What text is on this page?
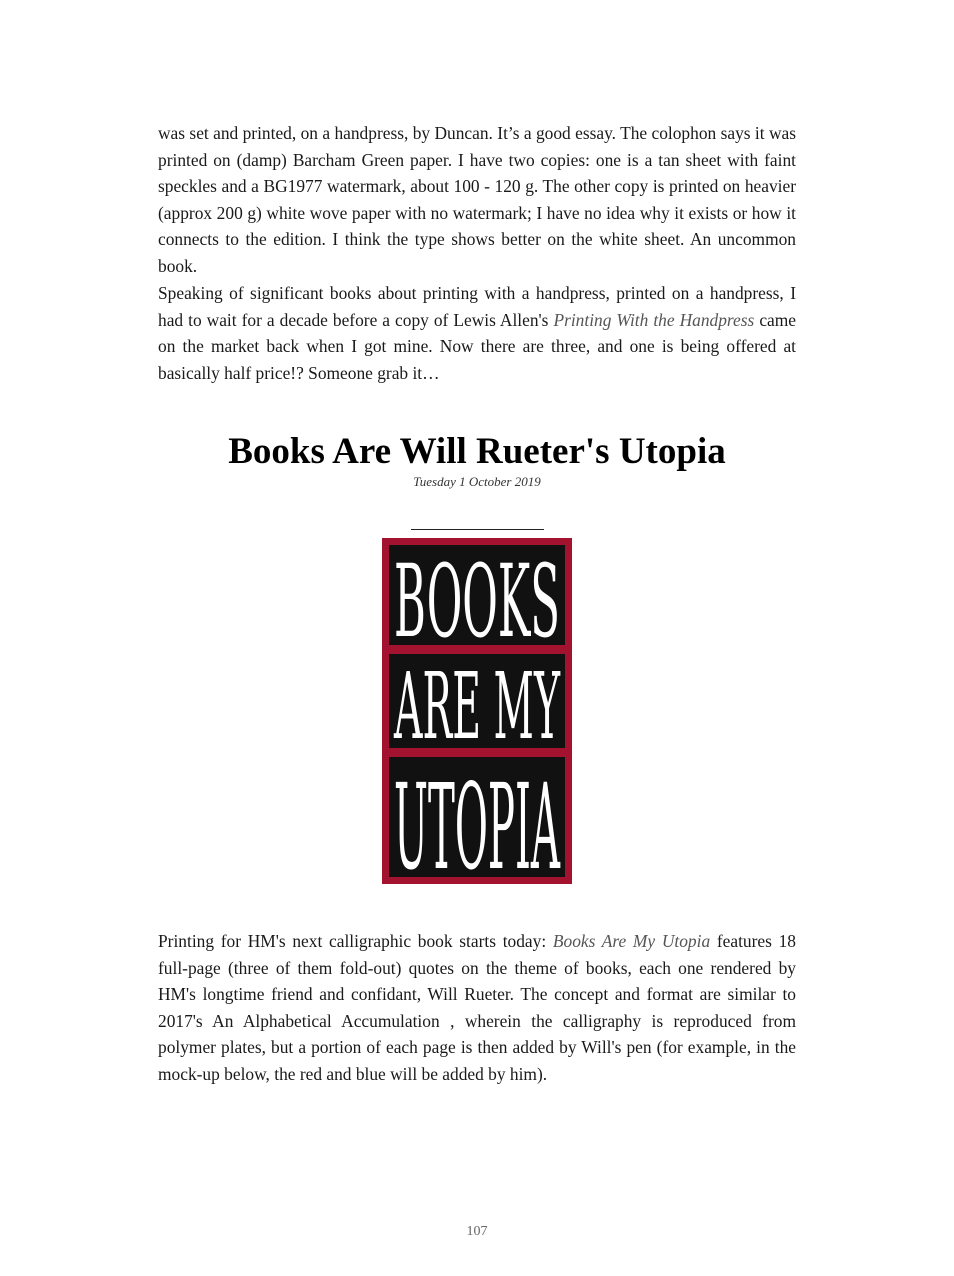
was set and printed, on a handpress, by Duncan. It’s a good essay. The colophon says it was printed on (damp) Barcham Green paper. I have two copies: one is a tan sheet with faint speckles and a BG1977 watermark, about 100 - 120 g. The other copy is printed on heavier (approx 200 g) white wove paper with no watermark; I have no idea why it exists or how it connects to the edition. I think the type shows better on the white sheet. An uncommon book.

Speaking of significant books about printing with a handpress, printed on a handpress, I had to wait for a decade before a copy of Lewis Allen's Printing With the Handpress came on the market back when I got mine. Now there are three, and one is being offered at basically half price!? Someone grab it…

Books Are Will Rueter's Utopia

Tuesday 1 October 2019

BOOKS
ARE MY
UTOPIA

Printing for HM's next calligraphic book starts today: Books Are My Utopia features 18 full-page (three of them fold-out) quotes on the theme of books, each one rendered by HM's longtime friend and confidant, Will Rueter. The concept and format are similar to 2017's An Alphabetical Accumulation , wherein the calligraphy is reproduced from polymer plates, but a portion of each page is then added by Will's pen (for example, in the mock-up below, the red and blue will be added by him).

107
